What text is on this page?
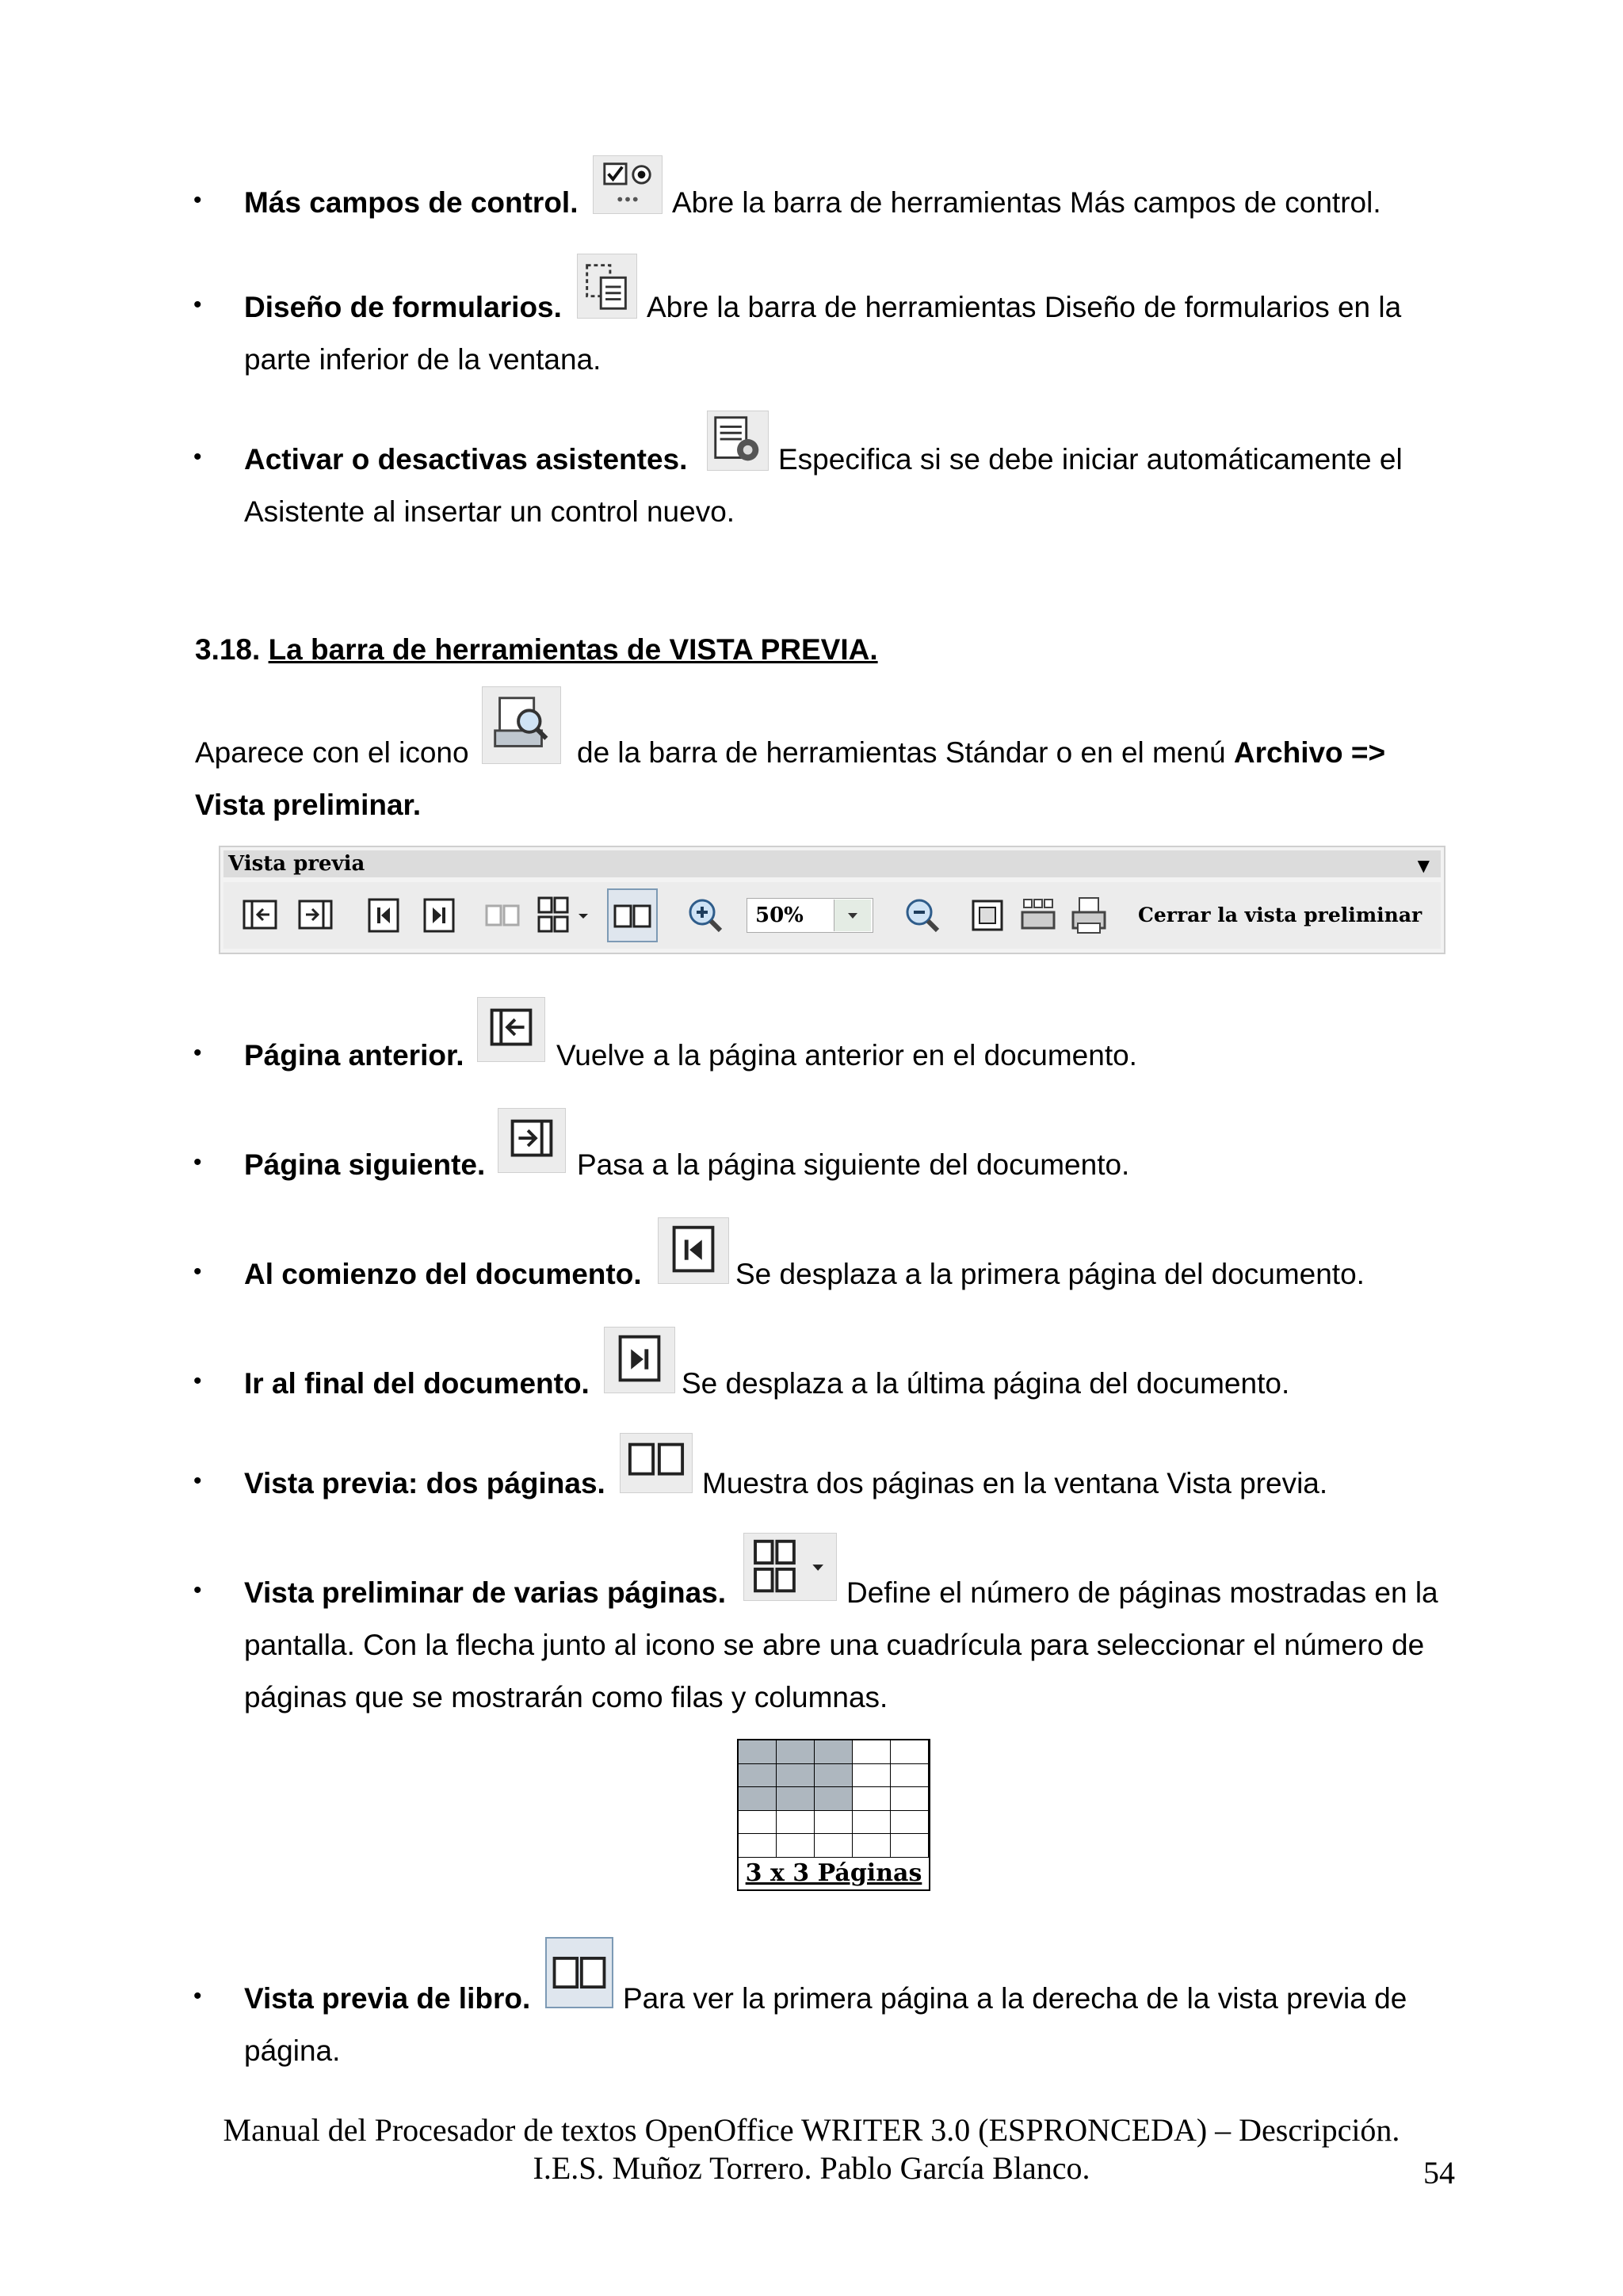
• Más campos de control.	Abre la barra de herramientas Más campos de control.
• Diseño de formularios.	Abre la barra de herramientas Diseño de formularios en la
parte inferior de la ventana.
• Activar o desactivas asistentes.	Especifica si se debe iniciar automáticamente el
Asistente al insertar un control nuevo.
3.18. La barra de herramientas de VISTA PREVIA.
Aparece con el icono	de la barra de herramientas Stándar o en el menú Archivo =>
Vista preliminar.
Vista previa	▼
50%	Cerrar la vista preliminar
• Página anterior.	Vuelve a la página anterior en el documento.
• Página siguiente.	Pasa a la página siguiente del documento.
• Al comienzo del documento.	Se desplaza a la primera página del documento.
• Ir al final del documento.	Se desplaza a la última página del documento.
• Vista previa: dos páginas.	Muestra dos páginas en la ventana Vista previa.
• Vista preliminar de varias páginas.	Define el número de páginas mostradas en la
pantalla. Con la flecha junto al icono se abre una cuadrícula para seleccionar el número de
páginas que se mostrarán como filas y columnas.
3 x 3 Páginas
• Vista previa de libro.	Para ver la primera página a la derecha de la vista previa de
página.
Manual del Procesador de textos OpenOffice WRITER 3.0 (ESPRONCEDA) – Descripción.
I.E.S. Muñoz Torrero. Pablo García Blanco.	54
